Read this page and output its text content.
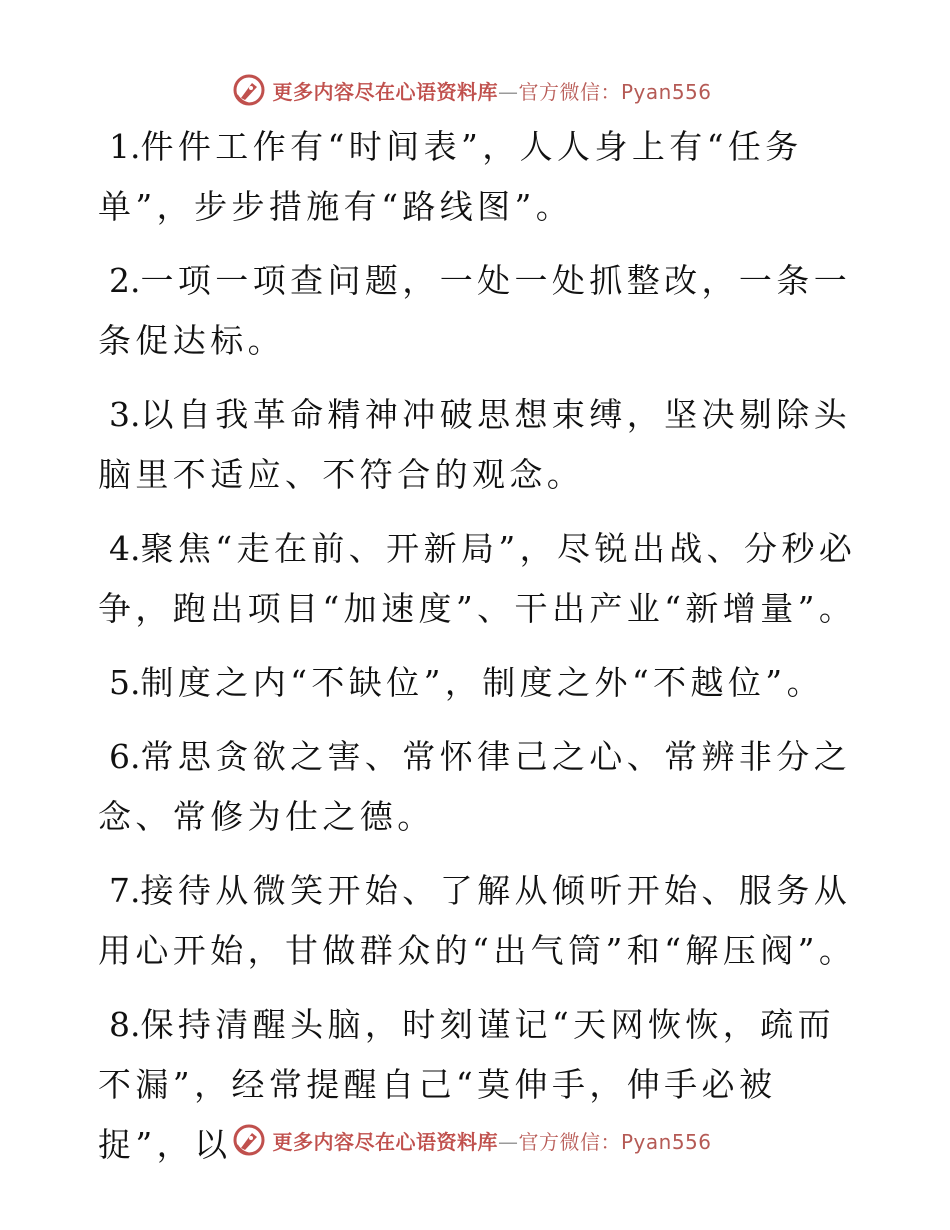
更多内容尽在心语资料库—官方微信：Pyan556

1.件件工作有“时间表”，人人身上有“任务单”，步步措施有“路线图”。

2.一项一项查问题，一处一处抓整改，一条一条促达标。

3.以自我革命精神冲破思想束缚，坚决剔除头脑里不适应、不符合的观念。

4.聚焦“走在前、开新局”，尽锐出战、分秒必争，跑出项目“加速度”、干出产业“新增量”。

5.制度之内“不缺位”，制度之外“不越位”。

6.常思贪欲之害、常怀律己之心、常辨非分之念、常修为仕之德。

7.接待从微笑开始、了解从倾听开始、服务从用心开始，甘做群众的“出气筒”和“解压阀”。

8.保持清醒头脑，时刻谨记“天网恢恢，疏而不漏”，经常提醒自己“莫伸手，伸手必被捉”，以	更多内容尽在心语资料库—官方微信：Pyan556
